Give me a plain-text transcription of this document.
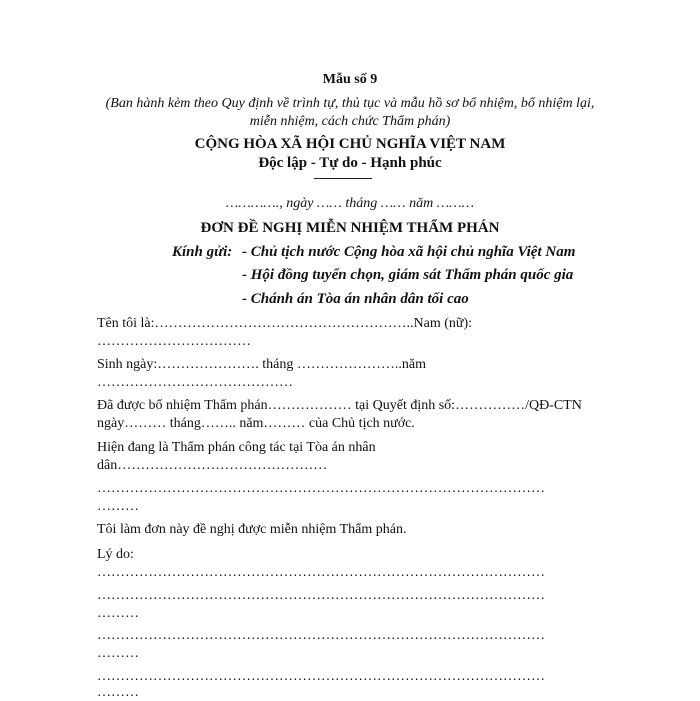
Mẫu số 9
(Ban hành kèm theo Quy định về trình tự, thủ tục và mẫu hồ sơ bổ nhiệm, bổ nhiệm lại,
miễn nhiệm, cách chức Thẩm phán)
CỘNG HÒA XÃ HỘI CHỦ NGHĨA VIỆT NAM
Độc lập - Tự do - Hạnh phúc
…………., ngày …… tháng …… năm ………
ĐƠN ĐỀ NGHỊ MIỄN NHIỆM THẨM PHÁN
Kính gửi: - Chủ tịch nước Cộng hòa xã hội chủ nghĩa Việt Nam
- Hội đồng tuyển chọn, giám sát Thẩm phán quốc gia
- Chánh án Tòa án nhân dân tối cao
Tên tôi là:………………………………………………..Nam (nữ):
……………………………
Sinh ngày:…………………. tháng …………………..năm
……………………………………
Đã được bổ nhiệm Thẩm phán……………… tại Quyết định số:……………/QĐ-CTN
ngày……… tháng…….. năm……… của Chủ tịch nước.
Hiện đang là Thẩm phán công tác tại Tòa án nhân
dân………………………………………
……………………………………………………………………………………
………
Tôi làm đơn này đề nghị được miễn nhiệm Thẩm phán.
Lý do:
……………………………………………………………………………………
……………………………………………………………………………………
………
……………………………………………………………………………………
………
……………………………………………………………………………………
………
